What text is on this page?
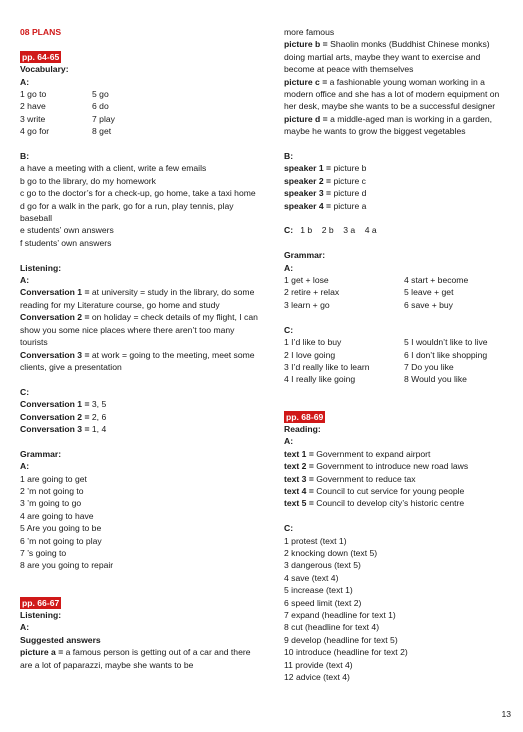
08 PLANS
pp. 64-65
Vocabulary:
A:
1 go to	5 go
2 have	6 do
3 write	7 play
4 go for	8 get
B:
a have a meeting with a client, write a few emails
b go to the library, do my homework
c go to the doctor’s for a check-up, go home, take a taxi home
d go for a walk in the park, go for a run, play tennis, play baseball
e students’ own answers
f students’ own answers
Listening:
A:
Conversation 1 = at university = study in the library, do some reading for my Literature course, go home and study
Conversation 2 = on holiday = check details of my flight, I can show you some nice places where there aren’t too many tourists
Conversation 3 = at work = going to the meeting, meet some clients, give a presentation
C:
Conversation 1 = 3, 5
Conversation 2 = 2, 6
Conversation 3 = 1, 4
Grammar:
A:
1 are going to get
2 ’m not going to
3 ’m going to go
4 are going to have
5 Are you going to be
6 ’m not going to play
7 ’s going to
8 are you going to repair
pp. 66-67
Listening:
A:
Suggested answers
picture a = a famous person is getting out of a car and there are a lot of paparazzi, maybe she wants to be
more famous
picture b = Shaolin monks (Buddhist Chinese monks) doing martial arts, maybe they want to exercise and become at peace with themselves
picture c = a fashionable young woman working in a modern office and she has a lot of modern equipment on her desk, maybe she wants to be a successful designer
picture d = a middle-aged man is working in a garden, maybe he wants to grow the biggest vegetables
B:
speaker 1 = picture b
speaker 2 = picture c
speaker 3 = picture d
speaker 4 = picture a
C: 1 b    2 b    3 a    4 a
Grammar:
A:
1 get + lose	4 start + become
2 retire + relax	5 leave + get
3 learn + go	6 save + buy
C:
1 I’d like to buy	5 I wouldn’t like to live
2 I love going	6 I don’t like shopping
3 I’d really like to learn	7 Do you like
4 I really like going	8 Would you like
pp. 68-69
Reading:
A:
text 1 = Government to expand airport
text 2 = Government to introduce new road laws
text 3 = Government to reduce tax
text 4 = Council to cut service for young people
text 5 = Council to develop city’s historic centre
C:
1 protest (text 1)
2 knocking down (text 5)
3 dangerous (text 5)
4 save (text 4)
5 increase (text 1)
6 speed limit (text 2)
7 expand (headline for text 1)
8 cut (headline for text 4)
9 develop (headline for text 5)
10 introduce (headline for text 2)
11 provide (text 4)
12 advice (text 4)
13
